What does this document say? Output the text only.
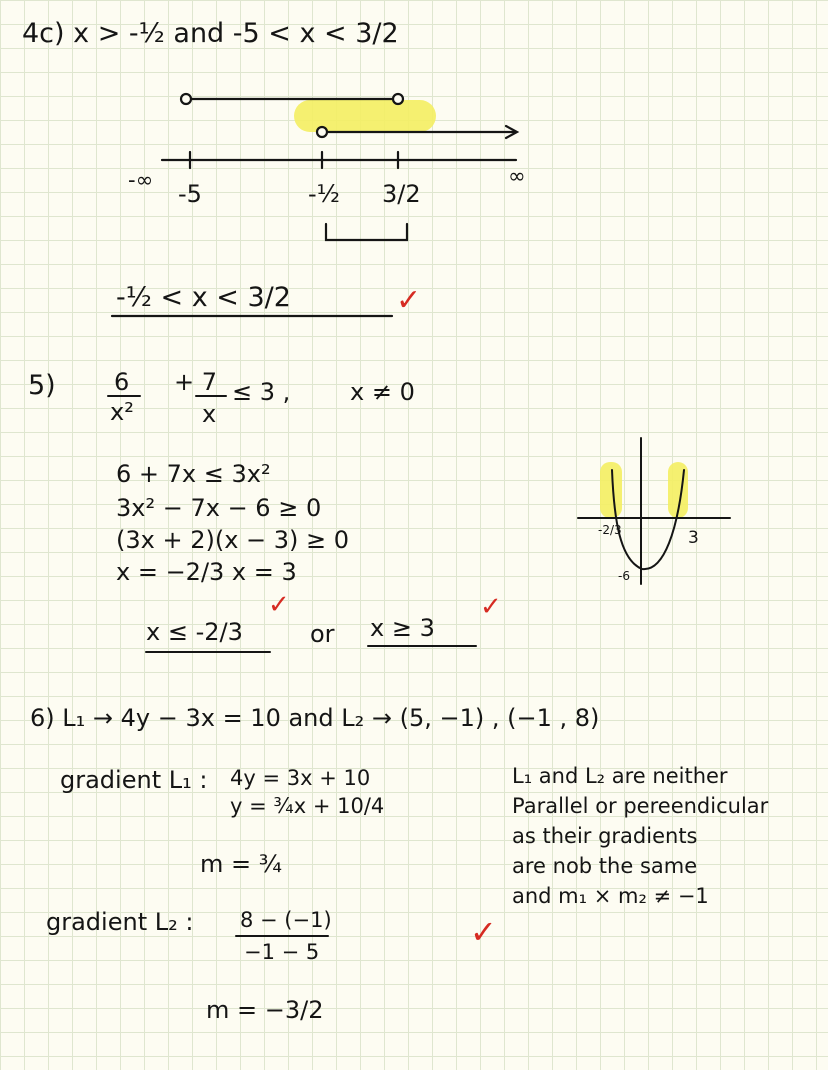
4c) x > -½ and -5 < x < 3/2
-∞ -5	-½ 3/2
∞
-½ < x < 3/2	✓
5) 6
x²
+ 7
x
≤ 3 , x ≠ 0
6 + 7x ≤ 3x²
3x² − 7x − 6 ≥ 0
(3x + 2)(x − 3) ≥ 0
x = −2/3 x = 3
x ≤ -2/3
✓
or x ≥ 3
✓
-2/3	3
-6
6) L₁ → 4y − 3x = 10 and L₂ → (5, −1) , (−1 , 8)
gradient L₁ : 4y = 3x + 10
y = ¾x + 10/4
m = ¾
gradient L₂ : 8 − (−1)
−1 − 5
m = −3/2
L₁ and L₂ are neither
Parallel or pereendicular
as their gradients
are nob the same
and m₁ × m₂ ≠ −1
✓
